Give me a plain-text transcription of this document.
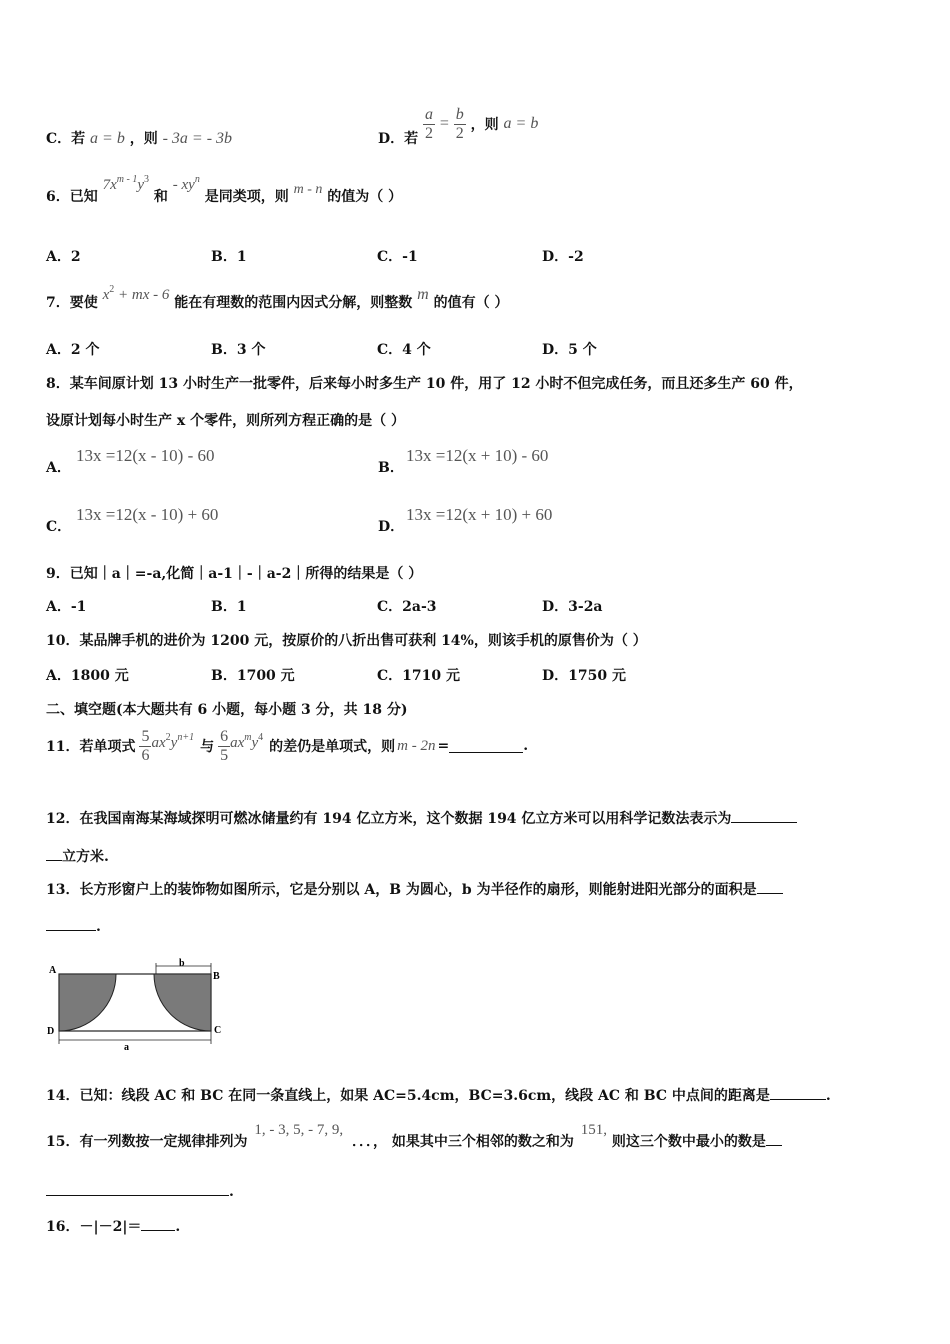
C．若 a = b ，则 - 3a = - 3b	D．若 $\frac{a}{2} = \frac{b}{2}$ ，则 a = b
6．已知 $7x^{m - 1}y^3$ 和 - $xy^n$ 是同类项，则 m - n 的值为（ ）
A．2	B．1	C．-1	D．-2
7．要使 $x^2$ + mx - 6 能在有理数的范围内因式分解，则整数 m 的值有（ ）
A．2 个	B．3 个	C．4 个	D．5 个
8．某车间原计划 13 小时生产一批零件，后来每小时多生产 10 件，用了 12 小时不但完成任务，而且还多生产 60 件，
设原计划每小时生产 x 个零件，则所列方程正确的是（ ）
A．
13x =12(x - 10) - 60
B．
13x =12(x + 10) - 60
C．
13x =12(x - 10) + 60
D．
13x =12(x + 10) + 60
9．已知｜a｜=-a,化简｜a-1｜-｜a-2｜所得的结果是（ ）
A．-1	B．1	C．2a-3	D．3-2a
10．某品牌手机的进价为 1200 元，按原价的八折出售可获利 14%，则该手机的原售价为（ ）
A．1800 元	B．1700 元	C．1710 元	D．1750 元
二、填空题(本大题共有 6 小题，每小题 3 分，共 18 分)
11．若单项式 $\frac{5}{6} ax^2y^{n+1}$
与 $\frac{6}{5} ax^my^4$
的差仍是单项式，则 m - 2n =	.
12．在我国南海某海域探明可燃冰储量约有 194 亿立方米，这个数据 194 亿立方米可以用科学记数法表示为
立方米.
13．长方形窗户上的装饰物如图所示，它是分别以 A，B 为圆心，b 为半径作的扇形，则能射进阳光部分的面积是
.
A
B
C
D
b
a
14．已知：线段 AC 和 BC 在同一条直线上，如果 AC=5.4cm，BC=3.6cm，线段 AC 和 BC 中点间的距离是	.
15．有一列数按一定规律排列为 1, - 3, 5, - 7, 9, ．．．， 如果其中三个相邻的数之和为 151, 则这三个数中最小的数是
.
16．－|－2|＝ .
